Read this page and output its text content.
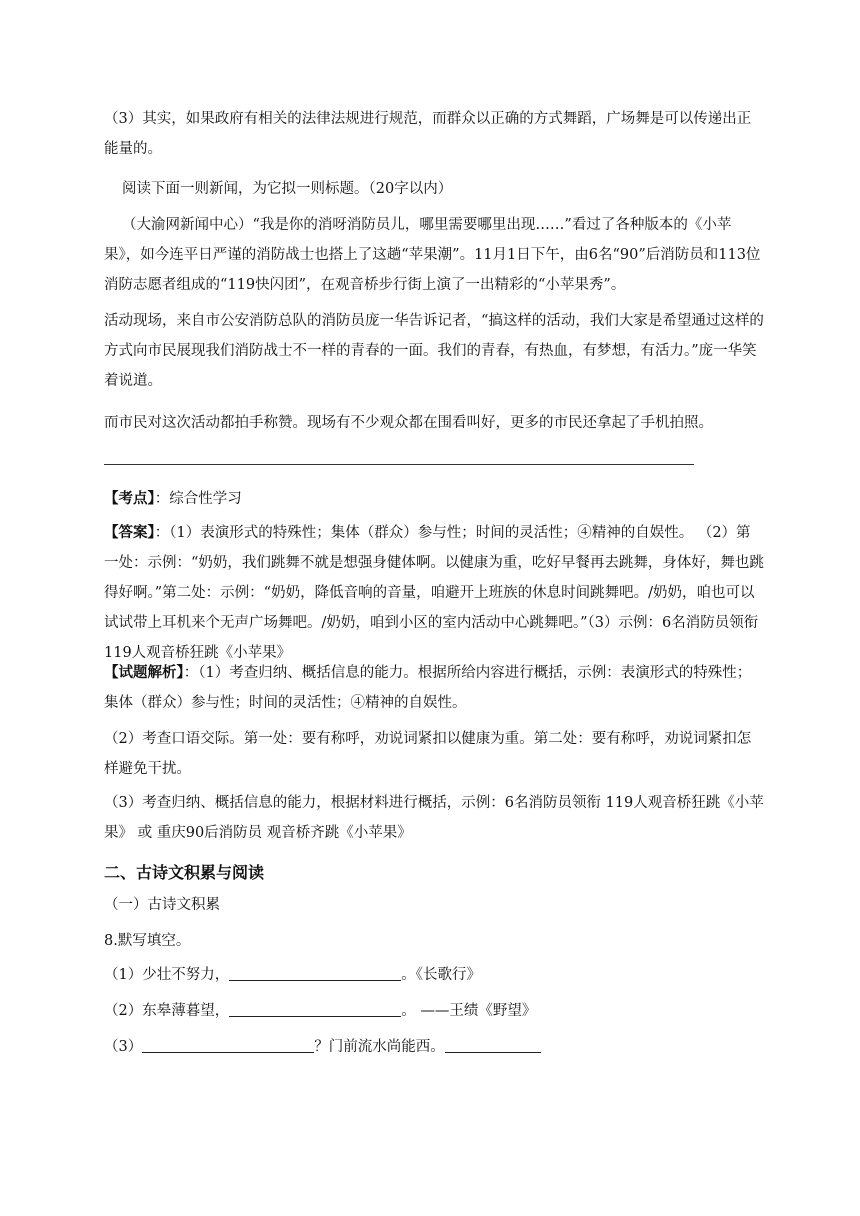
（3）其实，如果政府有相关的法律法规进行规范，而群众以正确的方式舞蹈，广场舞是可以传递出正能量的。

阅读下面一则新闻，为它拟一则标题。（20字以内）

（大渝网新闻中心）“我是你的消呀消防员儿，哪里需要哪里出现……”看过了各种版本的《小苹果》，如今连平日严谨的消防战士也搭上了这趟“苹果潮”。11月1日下午，由6名“90”后消防员和113位消防志愿者组成的“119快闪团”，在观音桥步行街上演了一出精彩的“小苹果秀”。

活动现场，来自市公安消防总队的消防员庞一华告诉记者，“搞这样的活动，我们大家是希望通过这样的方式向市民展现我们消防战士不一样的青春的一面。我们的青春，有热血，有梦想，有活力。”庞一华笑着说道。

而市民对这次活动都拍手称赞。现场有不少观众都在围看叫好，更多的市民还拿起了手机拍照。

【考点】：综合性学习

【答案】：（1）表演形式的特殊性；集体（群众）参与性；时间的灵活性；④精神的自娱性。 （2）第一处：示例：“奶奶，我们跳舞不就是想强身健体啊。以健康为重，吃好早餐再去跳舞，身体好，舞也跳得好啊。”第二处：示例：“奶奶，降低音响的音量，咱避开上班族的休息时间跳舞吧。/奶奶，咱也可以试试带上耳机来个无声广场舞吧。/奶奶，咱到小区的室内活动中心跳舞吧。”（3）示例：6名消防员领衔119人观音桥狂跳《小苹果》

【试题解析】：（1）考查归纳、概括信息的能力。根据所给内容进行概括，示例：表演形式的特殊性；集体（群众）参与性；时间的灵活性；④精神的自娱性。

（2）考查口语交际。第一处：要有称呼，劝说词紧扣以健康为重。第二处：要有称呼，劝说词紧扣怎样避免干扰。

（3）考查归纳、概括信息的能力，根据材料进行概括，示例：6名消防员领衔 119人观音桥狂跳《小苹果》 或 重庆90后消防员 观音桥齐跳《小苹果》

二、古诗文积累与阅读

（一）古诗文积累

8.默写填空。

（1）少壮不努力，	。《长歌行》

（2）东皋薄暮望，	。 ——王绩《野望》

（3）	？门前流水尚能西。
